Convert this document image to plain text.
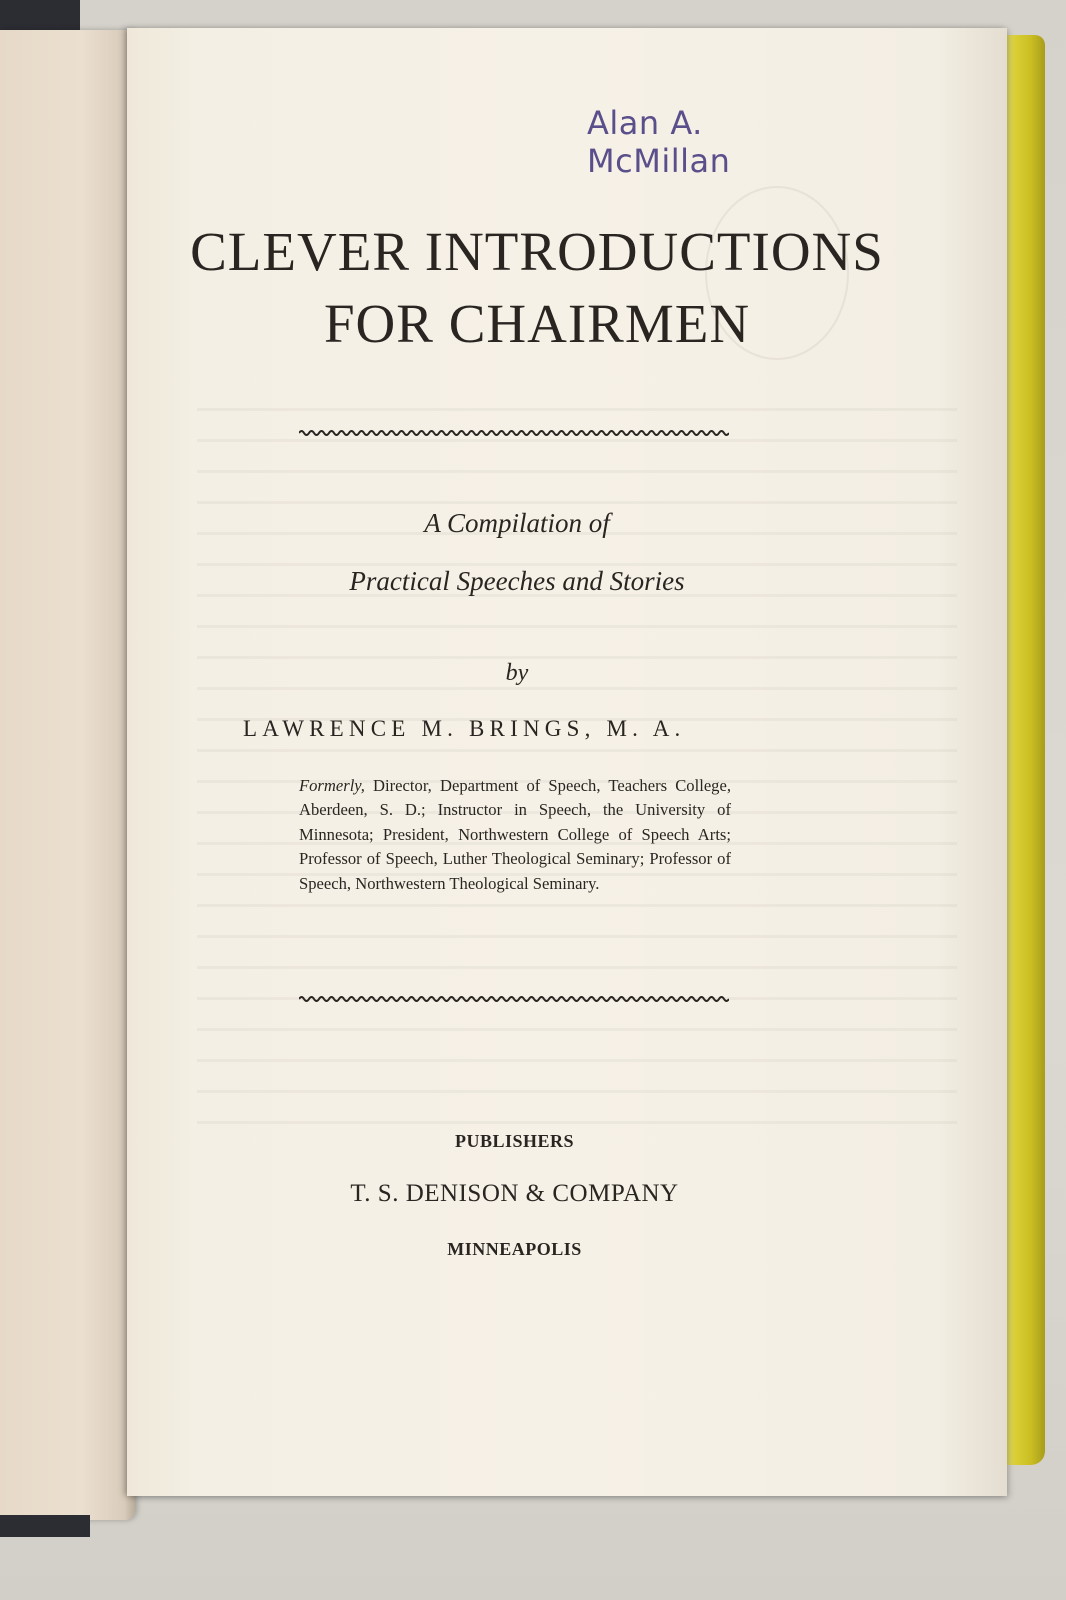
Alan A. McMillan
CLEVER INTRODUCTIONS
FOR CHAIRMEN
A Compilation of
Practical Speeches and Stories
by
LAWRENCE M. BRINGS, M. A.
Formerly, Director, Department of Speech, Teachers College, Aberdeen, S. D.; Instructor in Speech, the University of Minnesota; President, Northwestern College of Speech Arts; Professor of Speech, Luther Theological Seminary; Professor of Speech, Northwestern Theological Seminary.
PUBLISHERS
T. S. DENISON & COMPANY
MINNEAPOLIS
